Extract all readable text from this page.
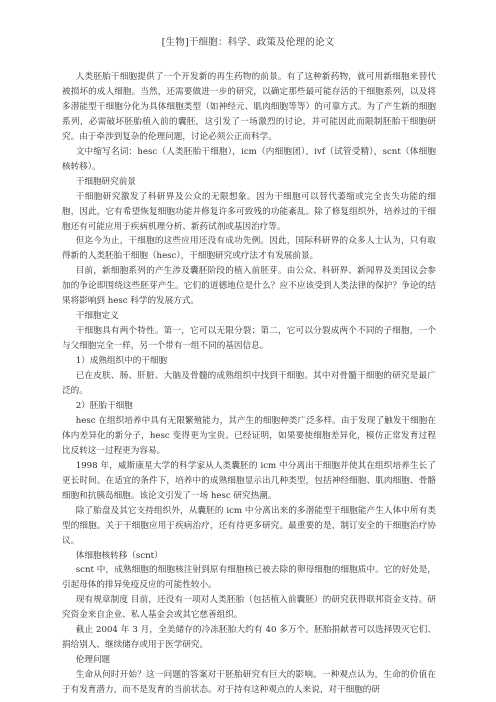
[生物]干细胞：科学、政策及伦理的论文

人类胚胎干细胞提供了一个开发新的再生药物的前景。有了这种新药物，就可用新细胞来替代被损坏的成人细胞。当然，还需要做进一步的研究，以确定那些最可能存活的干细胞系列，以及将多潜能型干细胞分化为具体细胞类型（如神经元、肌肉细胞等等）的可靠方式。为了产生新的细胞系列，必需破坏胚胎植入前的囊胚，这引发了一场激烈的讨论，并可能因此而限制胚胎干细胞研究。由于牵涉到复杂的伦理问题，讨论必须公正而科学。

文中缩写名词：hesc（人类胚胎干细胞），icm（内细胞团），ivf（试管受精），scnt（体细胞核转移）。

干细胞研究前景

干细胞研究激发了科研界及公众的无限想象。因为干细胞可以替代萎缩或完全丧失功能的细胞，因此，它有希望恢复细胞功能并修复许多可致残的功能紊乱。除了修复组织外，培养过的干细胞还有可能应用于疾病机理分析、新药试剂或基因治疗等。

但迄今为止，干细胞的这些应用还没有成功先例。因此，国际科研界的众多人士认为，只有取得新的人类胚胎干细胞（hesc），干细胞研究或疗法才有发展前景。

目前，新细胞系列的产生涉及囊胚阶段的植入前胚芽。由公众、科研界、新闻界及美国议会参加的争论即围绕这些胚芽产生。它们的道德地位是什么？应不应该受到人类法律的保护？争论的结果将影响到 hesc 科学的发展方式。

干细胞定义

干细胞具有两个特性。第一，它可以无限分裂；第二，它可以分裂成两个不同的子细胞，一个与父细胞完全一样，另一个带有一组不同的基因信息。

1）成熟组织中的干细胞

已在皮肤、肠、肝脏、大脑及骨髓的成熟组织中找到干细胞。其中对骨髓干细胞的研究是最广泛的。

2）胚胎干细胞

hesc 在组织培养中具有无限繁殖能力，其产生的细胞种类广泛多样。由于发现了触发干细胞在体内差异化的新分子，hesc 变得更为宝贵。已经证明，如果要使细胞差异化，模仿正常发育过程比反转这一过程更为容易。

1998 年，威斯康星大学的科学家从人类囊胚的 icm 中分离出干细胞并使其在组织培养生长了更长时间。在适宜的条件下，培养中的成熟细胞显示出几种类型，包括神经细胞、肌肉细胞、骨骼细胞和抗胰岛细胞。该论文引发了一场 hesc 研究热潮。

除了胎盘及其它支持组织外，从囊胚的 icm 中分离出来的多潜能型干细胞能产生人体中所有类型的细胞。关于干细胞应用于疾病治疗，还有待更多研究。最重要的是，制订安全的干细胞治疗协议。

体细胞核转移（scnt）

scnt 中，成熟细胞的细胞核注射到原有细胞核已被去除的卵母细胞的细胞质中。它的好处是，引起母体的排异免疫反应的可能性较小。

现有规章制度 目前，还没有一项对人类胚胎（包括植入前囊胚）的研究获得联邦资金支持。研究资金来自企业、私人基金会或其它慈善组织。

截止 2004 年 3 月，全美储存的冷冻胚胎大约有 40 多万个。胚胎捐献者可以选择毁灭它们、捐给别人、继续储存或用于医学研究。

伦理问题

生命从何时开始？这一问题的答案对干胚胎研究有巨大的影响。一种观点认为，生命的价值在于有发育潜力，而不是发育的当前状态。对于持有这种观点的人来说，对干细胞的研
